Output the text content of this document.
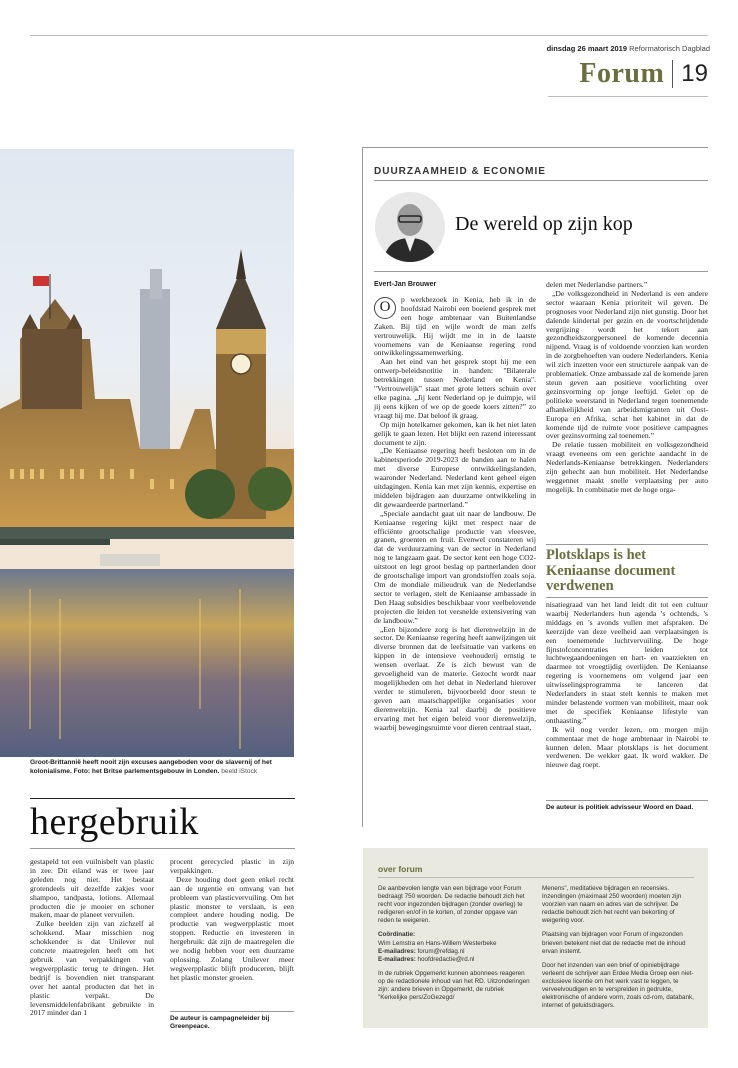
dinsdag 26 maart 2019 Reformatorisch Dagblad
Forum 19
Groot-Brittannië heeft nooit zijn excuses aangeboden voor de slavernij of het kolonialisme. Foto: het Britse parlementsgebouw in Londen. beeld iStock
hergebruik

gestapeld tot een vuilnisbelt van plastic in zee. Dit eiland was er twee jaar geleden nog niet. Het bestaat grotendeels uit dezelfde zakjes voor shampoo, tandpasta, lotions. Allemaal producten die je mooier en schoner maken, maar de planeet vervuilen.

Zulke beelden zijn van zichzelf al schokkend. Maar misschien nog schokkender is dat Unilever nul concrete maatregelen heeft om het gebruik van verpakkingen van wegwerpplastic terug te dringen. Het bedrijf is bovendien niet transparant over het aantal producten dat het in plastic verpakt. De levensmiddelenfabrikant gebruikte in 2017 minder dan 1

procent gerecycled plastic in zijn verpakkingen.

Deze houding doet geen enkel recht aan de urgentie en omvang van het probleem van plasticvervuiling. Om het plastic monster te verslaan, is een compleet andere houding nodig. De productie van wegwerpplastic moet stoppen. Reductie en investeren in hergebruik: dát zijn de maatregelen die we nodig hebben voor een duurzame oplossing. Zolang Unilever meer wegwerpplastic blijft produceren, blijft het plastic monster groeien.

De auteur is campagneleider bij Greenpeace.
DUURZAAMHEID & ECONOMIE
De wereld op zijn kop
Evert-Jan Brouwer
O	p werkbezoek in Kenia, heb ik in de hoofdstad Nairobi een boeiend gesprek met een hoge ambtenaar van Buitenlandse Zaken. Bij tijd en wijle wordt de man zelfs vertrouwelijk. Hij wijdt me in in de laatste voornemens van de Keniaanse regering rond ontwikkelingssamenwerking.

Aan het eind van het gesprek stopt hij me een ontwerp-beleidsnotitie in handen: "Bilaterale betrekkingen tussen Nederland en Kenia". "Vertrouwelijk" staat met grote letters schuin over elke pagina. „Jij kent Nederland op je duimpje, wil jij eens kijken of we op de goede koers zitten?” zo vraagt hij me. Dat beloof ik graag.

Op mijn hotelkamer gekomen, kan ik het niet laten gelijk te gaan lezen. Het blijkt een razend interessant document te zijn.

„De Keniaanse regering heeft besloten om in de kabinetsperiode 2019-2023 de banden aan te halen met diverse Europese ontwikkelingslanden, waaronder Nederland. Nederland kent geheel eigen uitdagingen. Kenia kan met zijn kennis, expertise en middelen bijdragen aan duurzame ontwikkeling in dit gewaardeerde partnerland.”

„Speciale aandacht gaat uit naar de landbouw. De Keniaanse regering kijkt met respect naar de efficiënte grootschalige productie van vleesvee, granen, groenten en fruit. Evenwel constateren wij dat de verduurzaming van de sector in Nederland nog te langzaam gaat. De sector kent een hoge CO2-uitstoot en legt groot beslag op partnerlanden door de grootschalige import van grondstoffen zoals soja. Om de mondiale milieudruk van de Nederlandse sector te verlagen, stelt de Keniaanse ambassade in Den Haag subsidies beschikbaar voor veelbelovende projecten die leiden tot versnelde extensivering van de landbouw.”

„Een bijzondere zorg is het dierenwelzijn in de sector. De Keniaanse regering heeft aanwijzingen uit diverse bronnen dat de leefsituatie van varkens en kippen in de intensieve veehouderij ernstig te wensen overlaat. Ze is zich bewust van de gevoeligheid van de materie. Gezocht wordt naar mogelijkheden om het debat in Nederland hierover verder te stimuleren, bijvoorbeeld door steun te geven aan maatschappelijke organisaties voor dierenwelzijn. Kenia zal daarbij de positieve ervaring met het eigen beleid voor dierenwelzijn, waarbij bewegingsruimte voor dieren centraal staat,

delen met Nederlandse partners.”

„De volksgezondheid in Nederland is een andere sector waaraan Kenia prioriteit wil geven. De prognoses voor Nederland zijn niet gunstig. Door het dalende kindertal per gezin en de voortschrijdende vergrijzing wordt het tekort aan gezondheidszorgpersoneel de komende decennia nijpend. Vraag is of voldoende voorzien kan worden in de zorgbehoeften van oudere Nederlanders. Kenia wil zich inzetten voor een structurele aanpak van de problematiek. Onze ambassade zal de komende jaren steun geven aan positieve voorlichting over gezinsvorming op jonge leeftijd. Gelet op de politieke weerstand in Nederland tegen toenemende afhankelijkheid van arbeidsmigranten uit Oost-Europa en Afrika, schat het kabinet in dat de komende tijd de ruimte voor positieve campagnes over gezinsvorming zal toenemen.”

De relatie tussen mobiliteit en volksgezondheid vraagt eveneens om een gerichte aandacht in de Nederlands-Keniaanse betrekkingen. Nederlanders zijn gehecht aan hun mobiliteit. Het Nederlandse weggennet maakt snelle verplaatsing per auto mogelijk. In combinatie met de hoge orga-

Plotsklaps is het Keniaanse document verdwenen

nisatiegraad van het land leidt dit tot een cultuur waarbij Nederlanders hun agenda 's ochtends, 's middags en 's avonds vullen met afspraken. De keerzijde van deze veelheid aan verplaatsingen is een toenemende luchtvervuiling. De hoge fijnstofconcentraties leiden tot luchtwegaandoeningen en hart- en vaatziekten en daarmee tot vroegtijdig overlijden. De Keniaanse regering is voornemens om volgend jaar een uitwisselingsprogramma te lanceren dat Nederlanders in staat stelt kennis te maken met minder belastende vormen van mobiliteit, maar ook met de specifiek Keniaanse lifestyle van onthaasting.”

Ik wil nog verder lezen, om morgen mijn commentaar met de hoge ambtenaar in Nairobi te kunnen delen. Maar plotsklaps is het document verdwenen. De wekker gaat. Ik word wakker. De nieuwe dag roept.

De auteur is politiek advisseur Woord en Daad.
over forum

De aanbevolen lengte van een bijdrage voor Forum bedraagt 750 woorden. De redactie behoudt zich het recht voor ingezonden bijdragen (zonder overleg) te redigeren en/of in te korten, of zonder opgave van reden te weigeren.

Coördinatie:
Wim Lemstra en Hans-Willem Westerbeke
E-mailadres: forum@refdag.nl
E-mailadres: hoofdredactie@rd.nl

In de rubriek Opgemerkt kunnen abonnees reageren op de redactionele inhoud van het RD. Uitzonderingen zijn: andere brieven in Opgemerkt, de rubriek "Kerkelijke pers/ZoGezegd/

Menens", meditatieve bijdragen en recensies. Inzendingen (maximaal 250 woorden) moeten zijn voorzien van naam en adres van de schrijver. De redactie behoudt zich het recht van bekorting of weigering voor.

Plaatsing van bijdragen voor Forum of ingezonden brieven betekent niet dat de redactie met de inhoud ervan instemt.

Door het inzenden van een brief of opiniebijdrage verleent de schrijver aan Erdee Media Groep een niet-exclusieve licentie om het werk vast te leggen, te verveelvoudigen en te verspreiden in gedrukte, elektronische of andere vorm, zoals cd-rom, databank, internet of geluidsdragers.
